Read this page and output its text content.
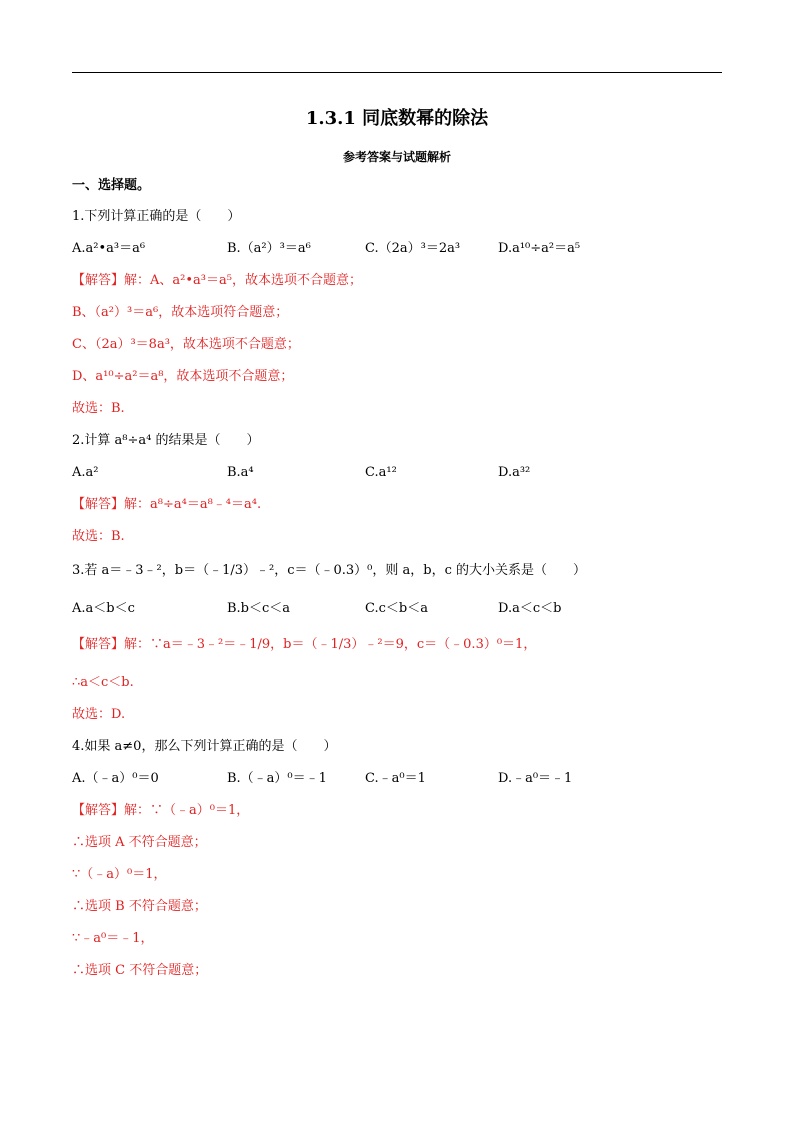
1.3.1 同底数幂的除法
参考答案与试题解析
一、选择题。
1.下列计算正确的是（　　）
A.a²•a³＝a⁶	B.（a²）³＝a⁶	C.（2a）³＝2a³	D.a¹⁰÷a²＝a⁵
【解答】解：A、a²•a³＝a⁵，故本选项不合题意；
B、（a²）³＝a⁶，故本选项符合题意；
C、（2a）³＝8a³，故本选项不合题意；
D、a¹⁰÷a²＝a⁸，故本选项不合题意；
故选：B.
2.计算 a⁸÷a⁴ 的结果是（　　）
A.a²	B.a⁴	C.a¹²	D.a³²
【解答】解：a⁸÷a⁴＝a⁸﹣⁴＝a⁴.
故选：B.
3.若 a＝﹣3﹣²，b＝（﹣1/3）﹣²，c＝（﹣0.3）⁰，则 a，b，c 的大小关系是（　　）
A.a＜b＜c	B.b＜c＜a	C.c＜b＜a	D.a＜c＜b
【解答】解：∵a＝﹣3﹣²＝﹣1/9，b＝（﹣1/3）﹣²＝9，c＝（﹣0.3）⁰＝1，
∴a＜c＜b.
故选：D.
4.如果 a≠0，那么下列计算正确的是（　　）
A.（﹣a）⁰＝0	B.（﹣a）⁰＝﹣1	C.﹣a⁰＝1	D.﹣a⁰＝﹣1
【解答】解：∵（﹣a）⁰＝1，
∴选项 A 不符合题意；
∵（﹣a）⁰＝1，
∴选项 B 不符合题意；
∵﹣a⁰＝﹣1，
∴选项 C 不符合题意；
